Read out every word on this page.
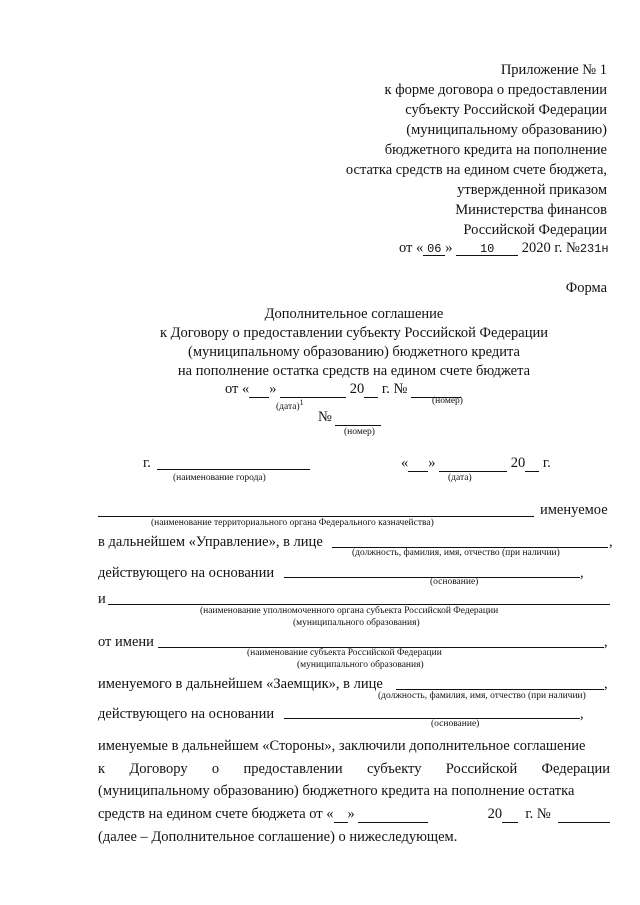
Приложение № 1
к форме договора о предоставлении
субъекту Российской Федерации
(муниципальному образованию)
бюджетного кредита на пополнение
остатка средств на едином счете бюджета,
утвержденной приказом
Министерства финансов
Российской Федерации
от « 06 » 10 2020 г. №231н
Форма
Дополнительное соглашение
к Договору о предоставлении субъекту Российской Федерации
(муниципальному образованию) бюджетного кредита
на пополнение остатка средств на едином счете бюджета
от « »	20 г. №
(дата)$^1$	(номер)
№
(номер)
г.
(наименование города)
« »	20 г.
(дата)
именуемое
(наименование территориального органа Федерального казначейства)
в дальнейшем «Управление», в лице	,
(должность, фамилия, имя, отчество (при наличии)
действующего на основании	,
(основание)
и
(наименование уполномоченного органа субъекта Российской Федерации
(муниципального образования)
от имени	,
(наименование субъекта Российской Федерации
(муниципального образования)
именуемого в дальнейшем «Заемщик», в лице	,
(должность, фамилия, имя, отчество (при наличии)
действующего на основании	,
(основание)
именуемые в дальнейшем «Стороны», заключили дополнительное соглашение
к Договору о предоставлении субъекту Российской Федерации
(муниципальному образованию) бюджетного кредита на пополнение остатка
средств на едином счете бюджета от « »	20 г. №
(далее – Дополнительное соглашение) о нижеследующем.
